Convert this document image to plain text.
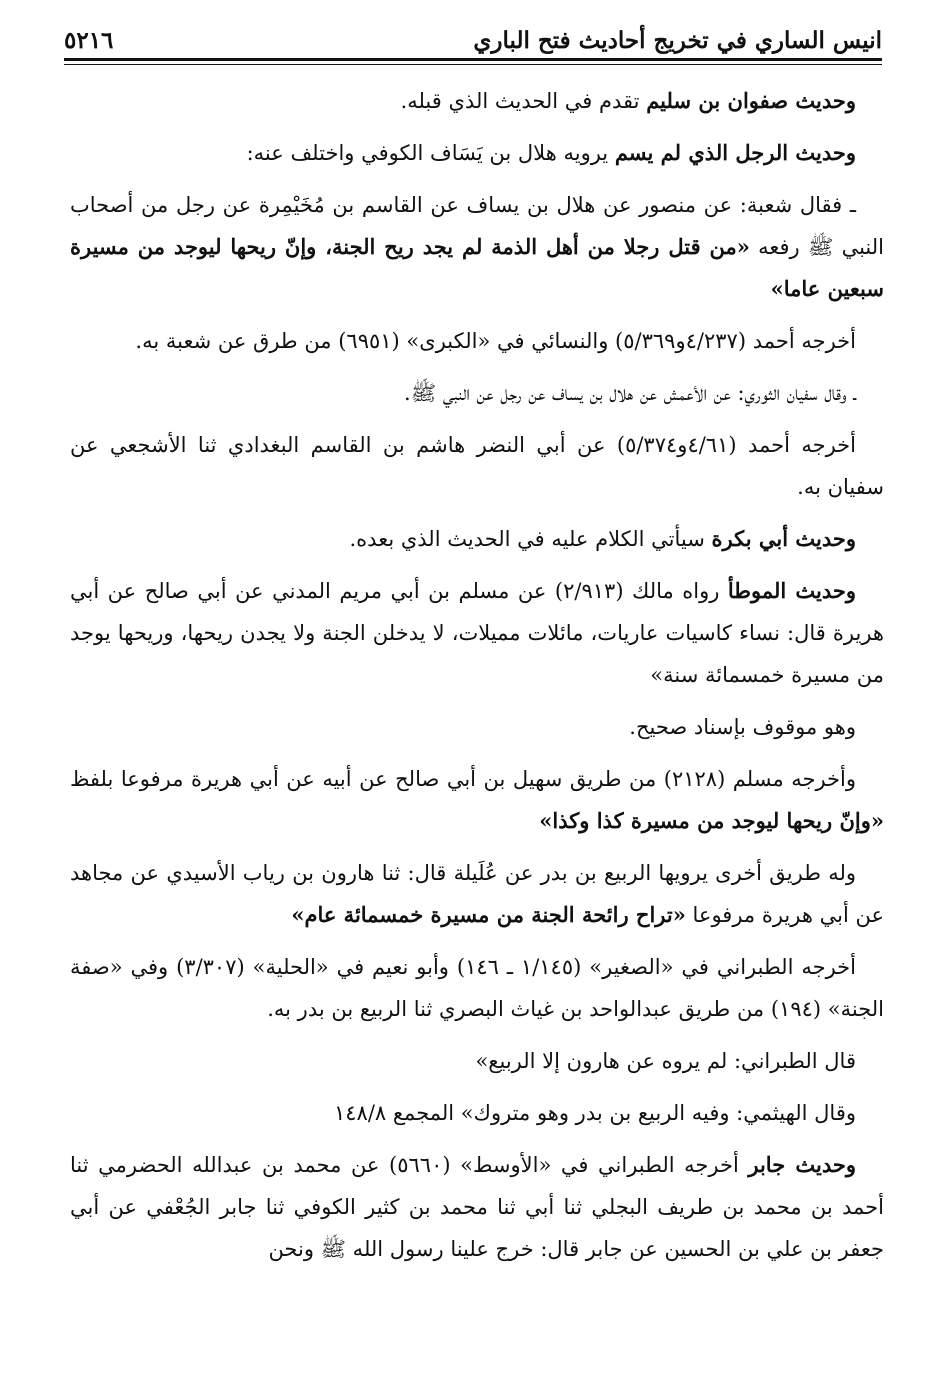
انيس الساري في تخريج أحاديث فتح الباري
٥٢١٦

وحديث صفوان بن سليم تقدم في الحديث الذي قبله.

وحديث الرجل الذي لم يسم يرويه هلال بن يَسَاف الكوفي واختلف عنه:

ـ فقال شعبة: عن منصور عن هلال بن يساف عن القاسم بن مُخَيْمِرة عن رجل من أصحاب النبي ﷺ رفعه «من قتل رجلا من أهل الذمة لم يجد ريح الجنة، وإنّ ريحها ليوجد من مسيرة سبعين عاما»

أخرجه أحمد (٤/٢٣٧و٥/٣٦٩) والنسائي في «الكبرى» (٦٩٥١) من طرق عن شعبة به.

ـ وقال سفيان الثوري: عن الأعمش عن هلال بن يساف عن رجل عن النبي ﷺ.

أخرجه أحمد (٤/٦١و٥/٣٧٤) عن أبي النضر هاشم بن القاسم البغدادي ثنا الأشجعي عن سفيان به.

وحديث أبي بكرة سيأتي الكلام عليه في الحديث الذي بعده.

وحديث الموطأ رواه مالك (٢/٩١٣) عن مسلم بن أبي مريم المدني عن أبي صالح عن أبي هريرة قال: نساء كاسيات عاريات، مائلات مميلات، لا يدخلن الجنة ولا يجدن ريحها، وريحها يوجد من مسيرة خمسمائة سنة»

وهو موقوف بإسناد صحيح.

وأخرجه مسلم (٢١٢٨) من طريق سهيل بن أبي صالح عن أبيه عن أبي هريرة مرفوعا بلفظ «وإنّ ريحها ليوجد من مسيرة كذا وكذا»

وله طريق أخرى يرويها الربيع بن بدر عن عُلَيلة قال: ثنا هارون بن رياب الأسيدي عن مجاهد عن أبي هريرة مرفوعا «تراح رائحة الجنة من مسيرة خمسمائة عام»

أخرجه الطبراني في «الصغير» (١/١٤٥ ـ ١٤٦) وأبو نعيم في «الحلية» (٣/٣٠٧) وفي «صفة الجنة» (١٩٤) من طريق عبدالواحد بن غياث البصري ثنا الربيع بن بدر به.

قال الطبراني: لم يروه عن هارون إلا الربيع»

وقال الهيثمي: وفيه الربيع بن بدر وهو متروك» المجمع ١٤٨/٨

وحديث جابر أخرجه الطبراني في «الأوسط» (٥٦٦٠) عن محمد بن عبدالله الحضرمي ثنا أحمد بن محمد بن طريف البجلي ثنا أبي ثنا محمد بن كثير الكوفي ثنا جابر الجُعْفي عن أبي جعفر بن علي بن الحسين عن جابر قال: خرج علينا رسول الله ﷺ ونحن
